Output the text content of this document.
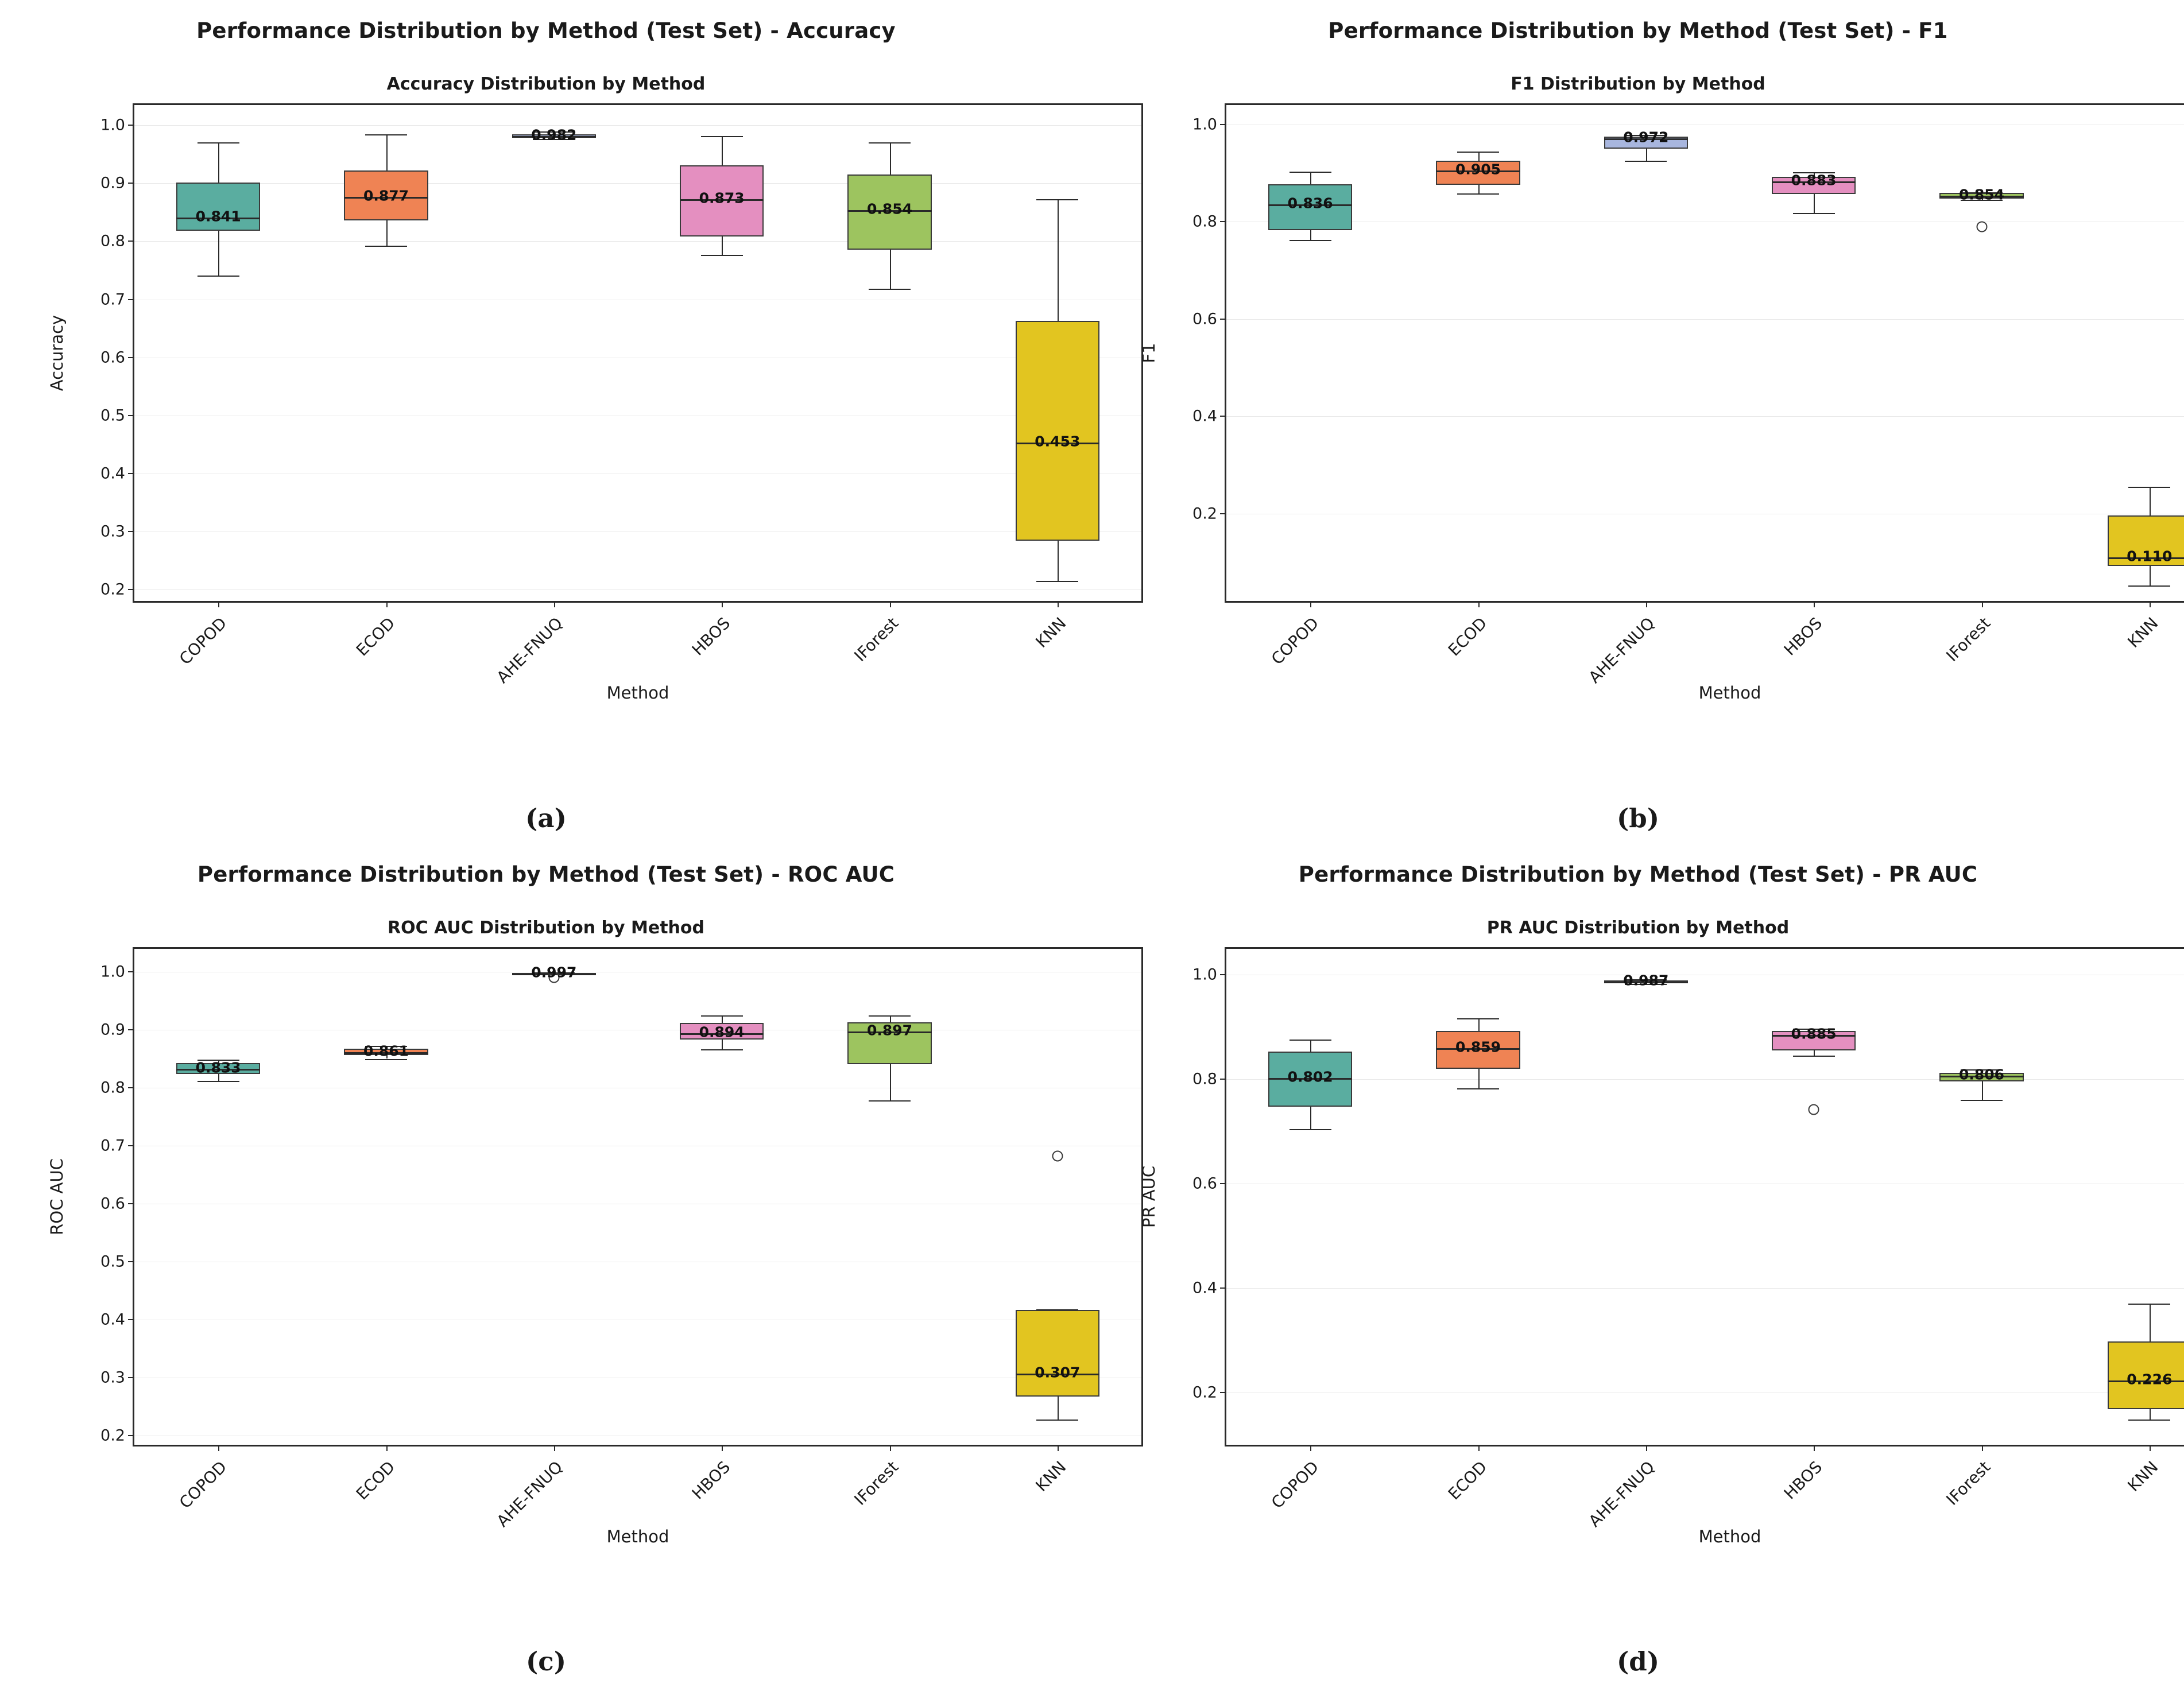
Performance Distribution by Method (Test Set) - Accuracy
Accuracy Distribution by Method
0.2
0.3
0.4
0.5
0.6
0.7
0.8
0.9
1.0
COPOD	ECOD	AHE-FNUQ	HBOS	IForest	KNN
0.841
0.877
0.982
0.873
0.854
0.453
Accuracy
Method
(a)
Performance Distribution by Method (Test Set) - F1
F1 Distribution by Method
0.2
0.4
0.6
0.8
1.0
COPOD	ECOD	AHE-FNUQ	HBOS	IForest	KNN
0.836
0.905
0.972
0.883
0.854
0.110
F1
Method
(b)
Performance Distribution by Method (Test Set) - ROC AUC
ROC AUC Distribution by Method
0.2
0.3
0.4
0.5
0.6
0.7
0.8
0.9
1.0
COPOD	ECOD	AHE-FNUQ	HBOS	IForest	KNN
0.833
0.861
0.997
0.894	0.897
0.307
ROC AUC
Method
(c)
Performance Distribution by Method (Test Set) - PR AUC
PR AUC Distribution by Method
0.2
0.4
0.6
0.8
1.0
COPOD	ECOD	AHE-FNUQ	HBOS	IForest	KNN
0.802
0.859
0.987
0.885
0.806
0.226
PR AUC
Method
(d)
